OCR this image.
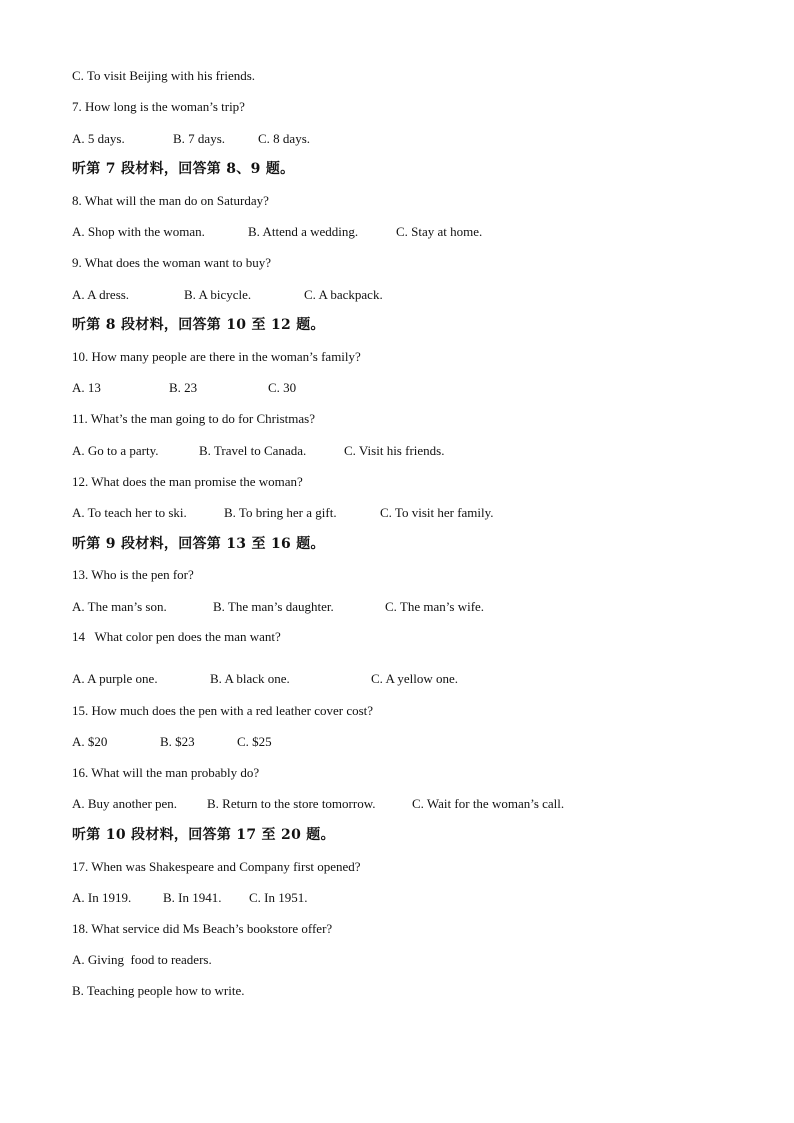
C. To visit Beijing with his friends.
7. How long is the woman’s trip?
A. 5 days.	B. 7 days.	C. 8 days.
听第 7 段材料，回答第 8、9 题。
8. What will the man do on Saturday?
A. Shop with the woman.	B. Attend a wedding.	C. Stay at home.
9. What does the woman want to buy?
A. A dress.	B. A bicycle.	C. A backpack.
听第 8 段材料，回答第 10 至 12 题。
10. How many people are there in the woman’s family?
A. 13	B. 23	C. 30
11. What’s the man going to do for Christmas?
A. Go to a party.	B. Travel to Canada.	C. Visit his friends.
12. What does the man promise the woman?
A. To teach her to ski.	B. To bring her a gift.	C. To visit her family.
听第 9 段材料，回答第 13 至 16 题。
13. Who is the pen for?
A. The man’s son.	B. The man’s daughter.	C. The man’s wife.
14   What color pen does the man want?
A. A purple one.	B. A black one.	C. A yellow one.
15. How much does the pen with a red leather cover cost?
A. $20	B. $23	C. $25
16. What will the man probably do?
A. Buy another pen. B. Return to the store tomorrow.	C. Wait for the woman’s call.
听第 10 段材料，回答第 17 至 20 题。
17. When was Shakespeare and Company first opened?
A. In 1919. B. In 1941. C. In 1951.
18. What service did Ms Beach’s bookstore offer?
A. Giving  food to readers.
B. Teaching people how to write.
